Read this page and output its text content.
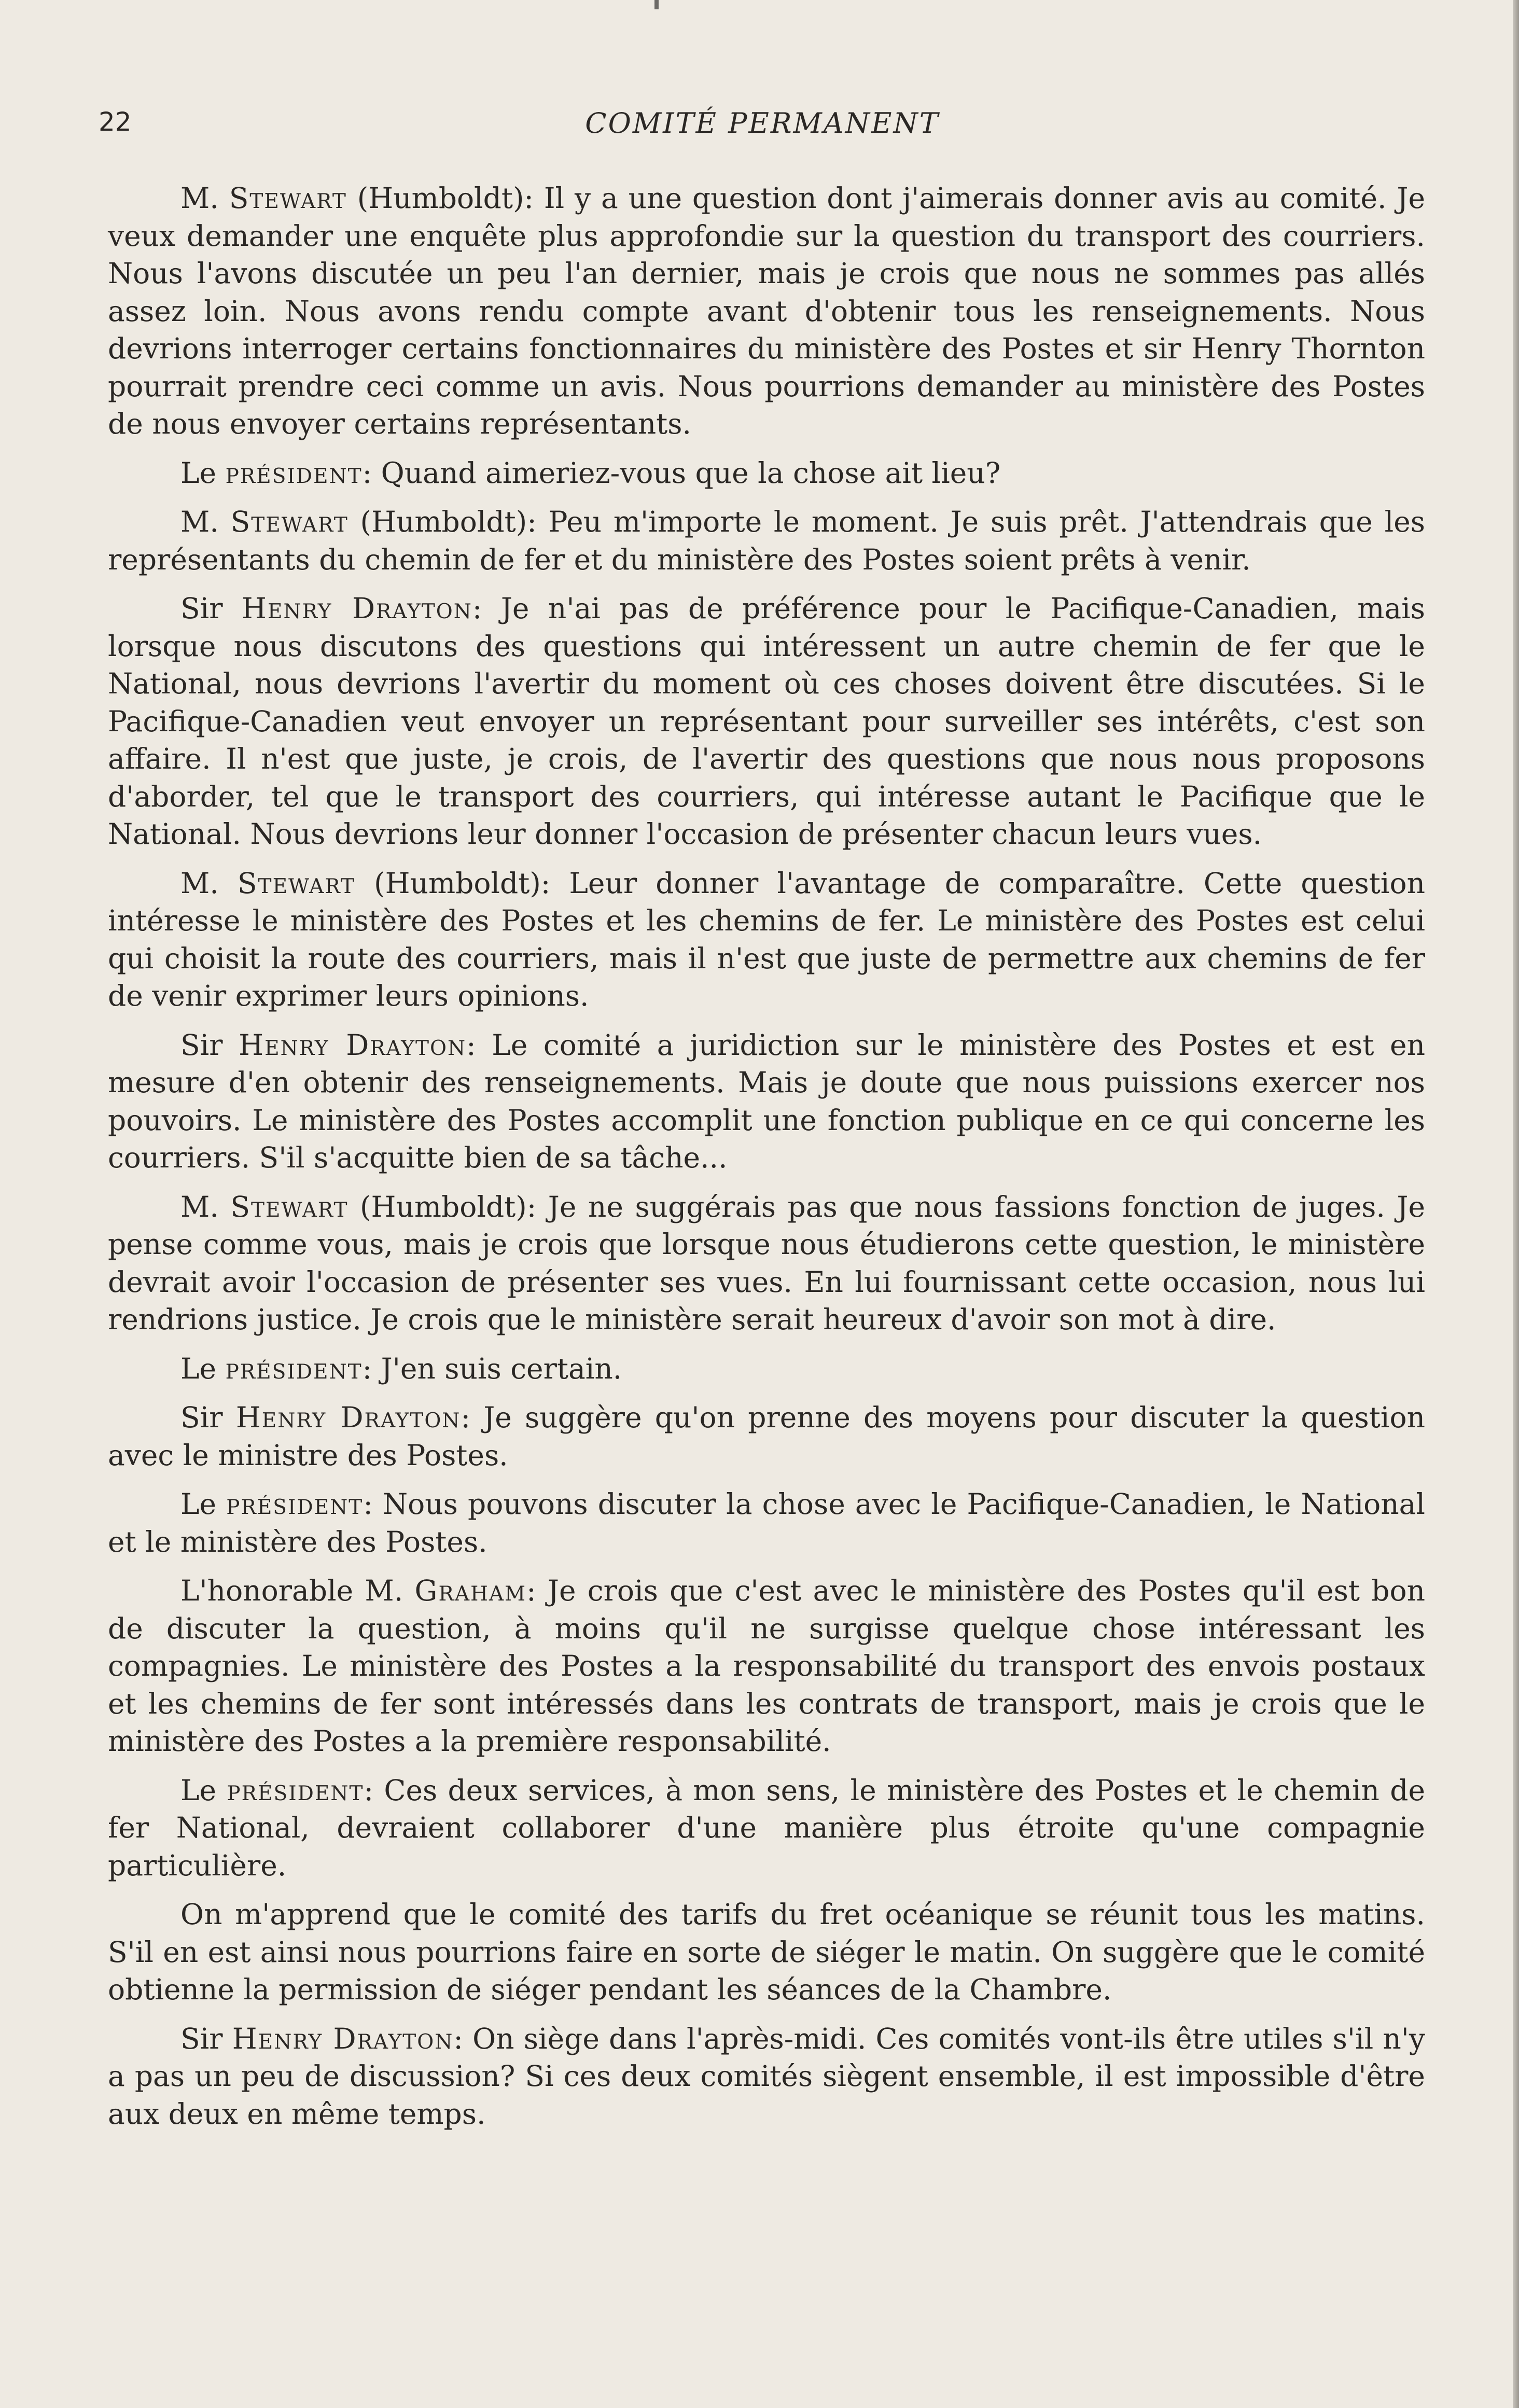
22	COMITÉ PERMANENT

M. Stewart (Humboldt): Il y a une question dont j'aimerais donner avis au comité. Je veux demander une enquête plus approfondie sur la question du transport des courriers. Nous l'avons discutée un peu l'an dernier, mais je crois que nous ne sommes pas allés assez loin. Nous avons rendu compte avant d'obtenir tous les renseignements. Nous devrions interroger certains fonctionnaires du ministère des Postes et sir Henry Thornton pourrait prendre ceci comme un avis. Nous pourrions demander au ministère des Postes de nous envoyer certains représentants.

Le président: Quand aimeriez-vous que la chose ait lieu?

M. Stewart (Humboldt): Peu m'importe le moment. Je suis prêt. J'attendrais que les représentants du chemin de fer et du ministère des Postes soient prêts à venir.

Sir Henry Drayton: Je n'ai pas de préférence pour le Pacifique-Canadien, mais lorsque nous discutons des questions qui intéressent un autre chemin de fer que le National, nous devrions l'avertir du moment où ces choses doivent être discutées. Si le Pacifique-Canadien veut envoyer un représentant pour surveiller ses intérêts, c'est son affaire. Il n'est que juste, je crois, de l'avertir des questions que nous nous proposons d'aborder, tel que le transport des courriers, qui intéresse autant le Pacifique que le National. Nous devrions leur donner l'occasion de présenter chacun leurs vues.

M. Stewart (Humboldt): Leur donner l'avantage de comparaître. Cette question intéresse le ministère des Postes et les chemins de fer. Le ministère des Postes est celui qui choisit la route des courriers, mais il n'est que juste de permettre aux chemins de fer de venir exprimer leurs opinions.

Sir Henry Drayton: Le comité a juridiction sur le ministère des Postes et est en mesure d'en obtenir des renseignements. Mais je doute que nous puissions exercer nos pouvoirs. Le ministère des Postes accomplit une fonction publique en ce qui concerne les courriers. S'il s'acquitte bien de sa tâche...

M. Stewart (Humboldt): Je ne suggérais pas que nous fassions fonction de juges. Je pense comme vous, mais je crois que lorsque nous étudierons cette question, le ministère devrait avoir l'occasion de présenter ses vues. En lui fournissant cette occasion, nous lui rendrions justice. Je crois que le ministère serait heureux d'avoir son mot à dire.

Le président: J'en suis certain.

Sir Henry Drayton: Je suggère qu'on prenne des moyens pour discuter la question avec le ministre des Postes.

Le président: Nous pouvons discuter la chose avec le Pacifique-Canadien, le National et le ministère des Postes.

L'honorable M. Graham: Je crois que c'est avec le ministère des Postes qu'il est bon de discuter la question, à moins qu'il ne surgisse quelque chose intéressant les compagnies. Le ministère des Postes a la responsabilité du transport des envois postaux et les chemins de fer sont intéressés dans les contrats de transport, mais je crois que le ministère des Postes a la première responsabilité.

Le président: Ces deux services, à mon sens, le ministère des Postes et le chemin de fer National, devraient collaborer d'une manière plus étroite qu'une compagnie particulière.

On m'apprend que le comité des tarifs du fret océanique se réunit tous les matins. S'il en est ainsi nous pourrions faire en sorte de siéger le matin. On suggère que le comité obtienne la permission de siéger pendant les séances de la Chambre.

Sir Henry Drayton: On siège dans l'après-midi. Ces comités vont-ils être utiles s'il n'y a pas un peu de discussion? Si ces deux comités siègent ensemble, il est impossible d'être aux deux en même temps.
